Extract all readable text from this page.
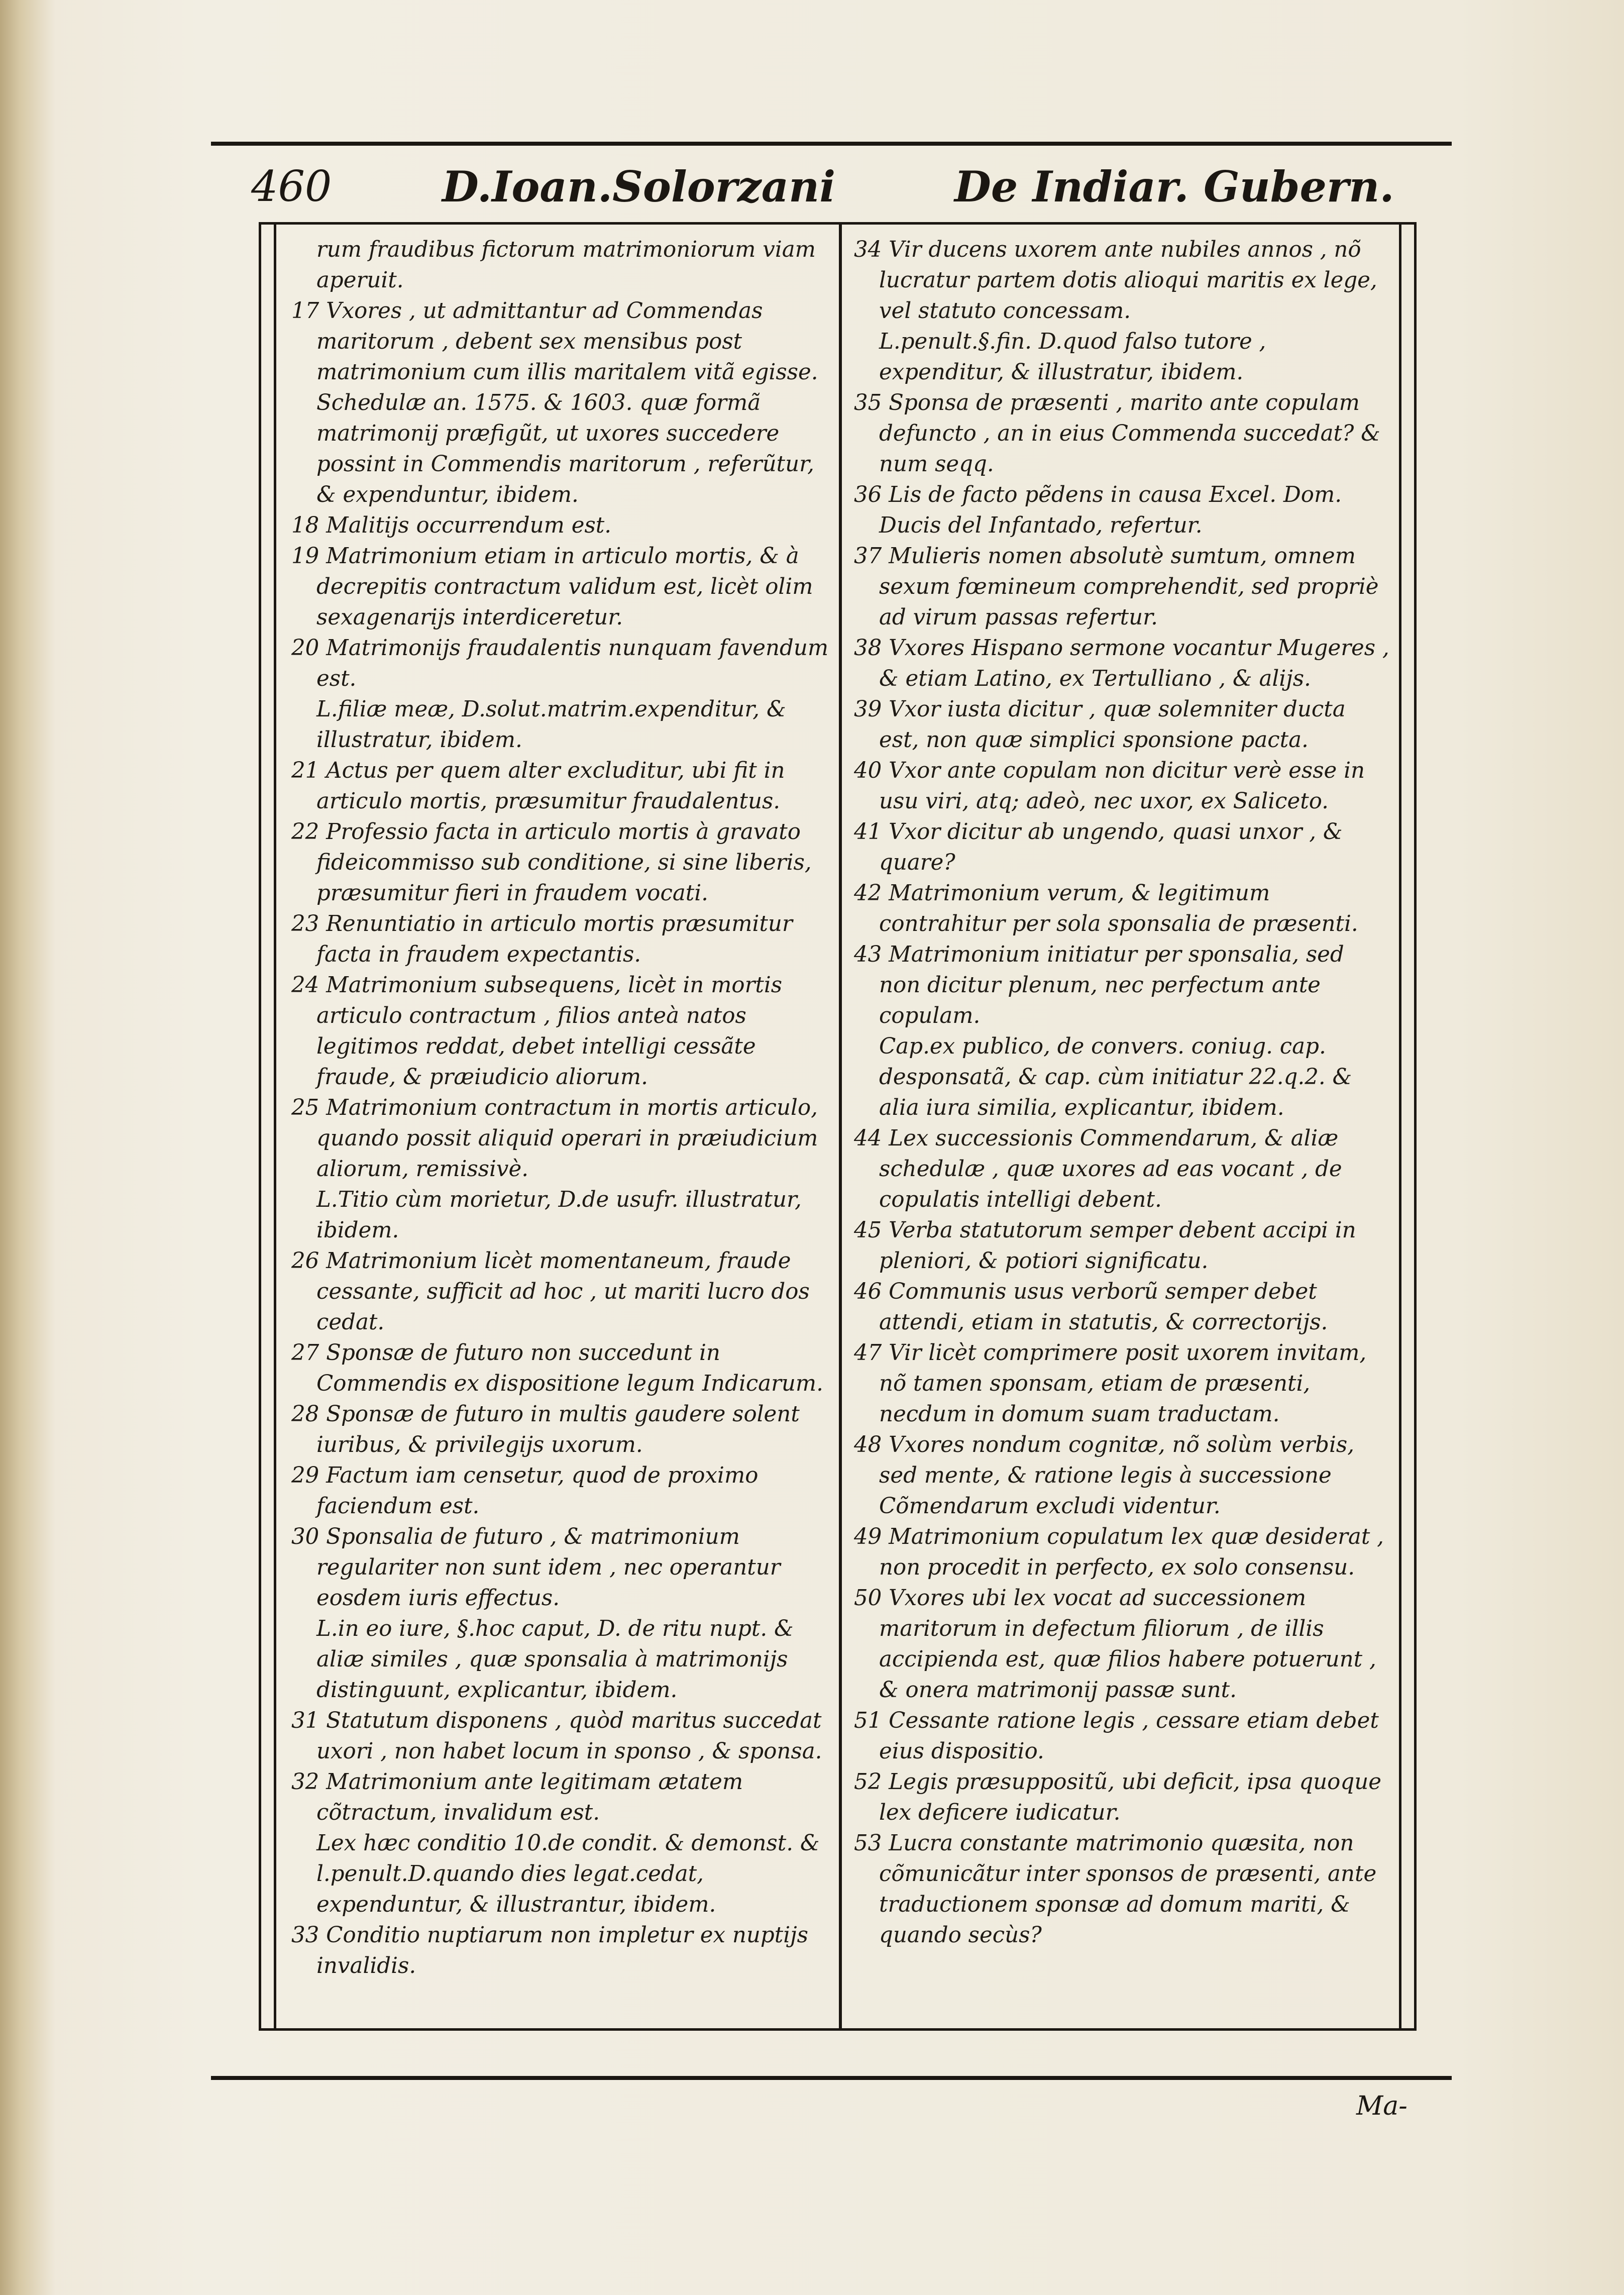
460	D.Ioan.Solorzani	De Indiar. Gubern.

rum fraudibus fictorum matrimoniorum viam aperuit.

17 Vxores , ut admittantur ad Commendas maritorum , debent sex mensibus post matrimonium cum illis maritalem vitã egisse. Schedulæ an. 1575. & 1603. quæ formã matrimonij præfigũt, ut uxores succedere possint in Commendis maritorum , referũtur, & expenduntur, ibidem.

18 Malitijs occurrendum est.

19 Matrimonium etiam in articulo mortis, & à decrepitis contractum validum est, licèt olim sexagenarijs interdiceretur.

20 Matrimonijs fraudalentis nunquam favendum est.

L.filiæ meæ, D.solut.matrim.expenditur, & illustratur, ibidem.

21 Actus per quem alter excluditur, ubi fit in articulo mortis, præsumitur fraudalentus.

22 Professio facta in articulo mortis à gravato fideicommisso sub conditione, si sine liberis, præsumitur fieri in fraudem vocati.

23 Renuntiatio in articulo mortis præsumitur facta in fraudem expectantis.

24 Matrimonium subsequens, licèt in mortis articulo contractum , filios anteà natos legitimos reddat, debet intelligi cessãte fraude, & præiudicio aliorum.

25 Matrimonium contractum in mortis articulo, quando possit aliquid operari in præiudicium aliorum, remissivè.

L.Titio cùm morietur, D.de usufr. illustratur, ibidem.

26 Matrimonium licèt momentaneum, fraude cessante, sufficit ad hoc , ut mariti lucro dos cedat.

27 Sponsæ de futuro non succedunt in Commendis ex dispositione legum Indicarum.

28 Sponsæ de futuro in multis gaudere solent iuribus, & privilegijs uxorum.

29 Factum iam censetur, quod de proximo faciendum est.

30 Sponsalia de futuro , & matrimonium regulariter non sunt idem , nec operantur eosdem iuris effectus.

L.in eo iure, §.hoc caput, D. de ritu nupt. & aliæ similes , quæ sponsalia à matrimonijs distinguunt, explicantur, ibidem.

31 Statutum disponens , quòd maritus succedat uxori , non habet locum in sponso , & sponsa.

32 Matrimonium ante legitimam ætatem cõtractum, invalidum est.

Lex hæc conditio 10.de condit. & demonst. & l.penult.D.quando dies legat.cedat, expenduntur, & illustrantur, ibidem.

33 Conditio nuptiarum non impletur ex nuptijs invalidis.

34 Vir ducens uxorem ante nubiles annos , nõ lucratur partem dotis alioqui maritis ex lege, vel statuto concessam.

L.penult.§.fin. D.quod falso tutore , expenditur, & illustratur, ibidem.

35 Sponsa de præsenti , marito ante copulam defuncto , an in eius Commenda succedat? & num seqq.

36 Lis de facto pẽdens in causa Excel. Dom. Ducis del Infantado, refertur.

37 Mulieris nomen absolutè sumtum, omnem sexum fœmineum comprehendit, sed propriè ad virum passas refertur.

38 Vxores Hispano sermone vocantur Mugeres , & etiam Latino, ex Tertulliano , & alijs.

39 Vxor iusta dicitur , quæ solemniter ducta est, non quæ simplici sponsione pacta.

40 Vxor ante copulam non dicitur verè esse in usu viri, atq; adeò, nec uxor, ex Saliceto.

41 Vxor dicitur ab ungendo, quasi unxor , & quare?

42 Matrimonium verum, & legitimum contrahitur per sola sponsalia de præsenti.

43 Matrimonium initiatur per sponsalia, sed non dicitur plenum, nec perfectum ante copulam.

Cap.ex publico, de convers. coniug. cap. desponsatã, & cap. cùm initiatur 22.q.2. & alia iura similia, explicantur, ibidem.

44 Lex successionis Commendarum, & aliæ schedulæ , quæ uxores ad eas vocant , de copulatis intelligi debent.

45 Verba statutorum semper debent accipi in pleniori, & potiori significatu.

46 Communis usus verborũ semper debet attendi, etiam in statutis, & correctorijs.

47 Vir licèt comprimere posit uxorem invitam, nõ tamen sponsam, etiam de præsenti, necdum in domum suam traductam.

48 Vxores nondum cognitæ, nõ solùm verbis, sed mente, & ratione legis à successione Cõmendarum excludi videntur.

49 Matrimonium copulatum lex quæ desiderat , non procedit in perfecto, ex solo consensu.

50 Vxores ubi lex vocat ad successionem maritorum in defectum filiorum , de illis accipienda est, quæ filios habere potuerunt , & onera matrimonij passæ sunt.

51 Cessante ratione legis , cessare etiam debet eius dispositio.

52 Legis præsuppositũ, ubi deficit, ipsa quoque lex deficere iudicatur.

53 Lucra constante matrimonio quæsita, non cõmunicãtur inter sponsos de præsenti, ante traductionem sponsæ ad domum mariti, & quando secùs?

Ma-
